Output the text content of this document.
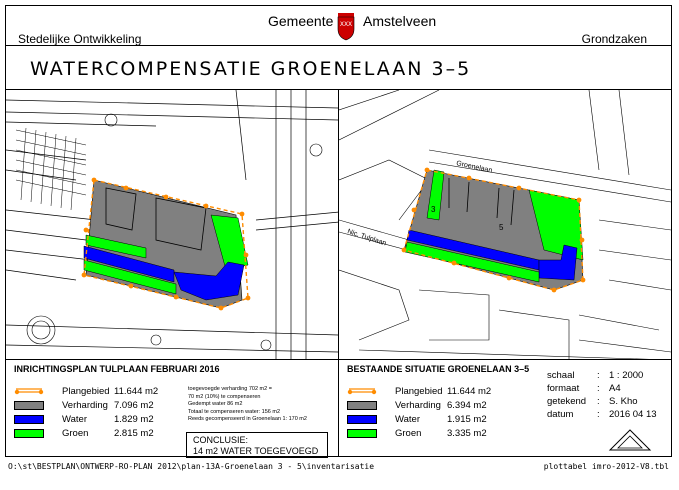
Gemeente XXX Amstelveen
Stedelijke Ontwikkeling	Grondzaken
WATERCOMPENSATIE GROENELAAN 3–5
Groenelaan
Nic. Tulplaan
3
5
INRICHTINGSPLAN TULPLAAN FEBRUARI 2016
Plangebied 11.644 m2
Verharding 7.096 m2
Water	1.829 m2
Groen	2.815 m2
toegevoegde verharding 702 m2 =
70 m2 (10%) te compenseren
Gedempt water 86 m2
Totaal te compenseren water: 156 m2
Reeds gecompenseerd in Groenelaan 1: 170 m2
CONCLUSIE:
14 m2 WATER TOEGEVOEGD
BESTAANDE SITUATIE GROENELAAN 3–5
Plangebied 11.644 m2
Verharding 6.394 m2
Water	1.915 m2
Groen	3.335 m2
schaal : 1 : 2000
formaat : A4
getekend : S. Kho
datum : 2016 04 13
O:\st\BESTPLAN\ONTWERP-RO-PLAN 2012\plan-13A-Groenelaan 3 - 5\inventarisatie	plottabel imro-2012-V8.tbl
